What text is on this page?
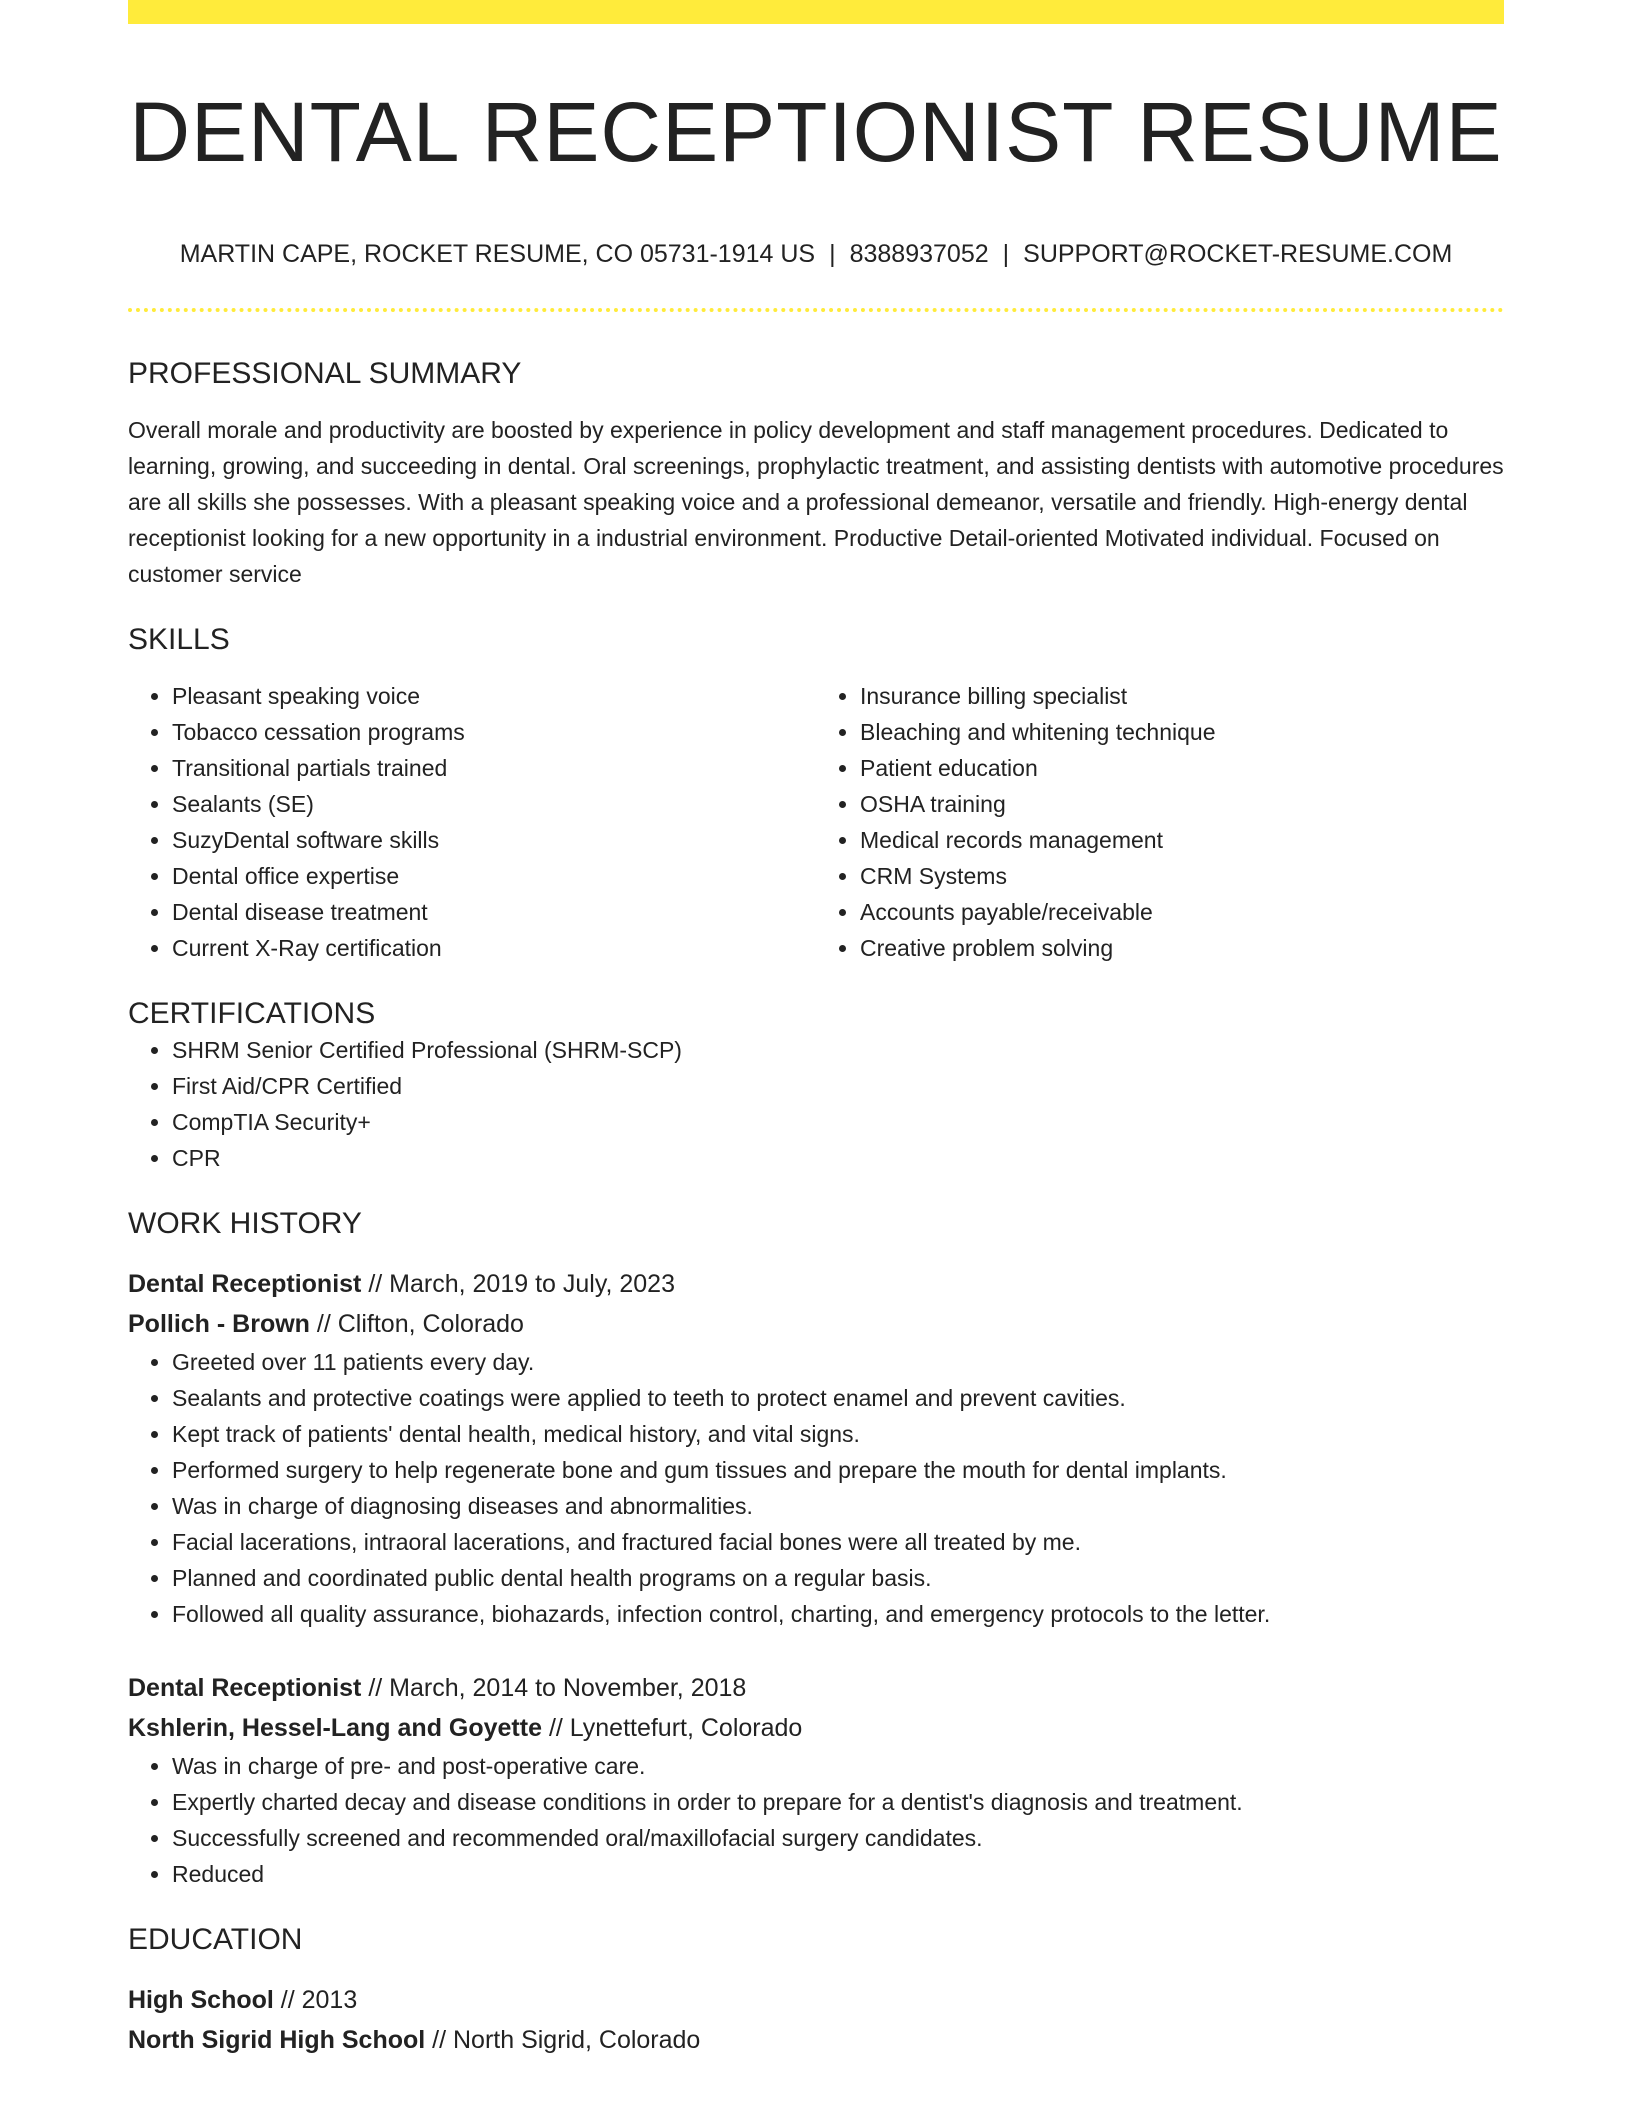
DENTAL RECEPTIONIST RESUME
MARTIN CAPE, ROCKET RESUME, CO 05731-1914 US | 8388937052 | SUPPORT@ROCKET-RESUME.COM
PROFESSIONAL SUMMARY
Overall morale and productivity are boosted by experience in policy development and staff management procedures. Dedicated to learning, growing, and succeeding in dental. Oral screenings, prophylactic treatment, and assisting dentists with automotive procedures are all skills she possesses. With a pleasant speaking voice and a professional demeanor, versatile and friendly. High-energy dental receptionist looking for a new opportunity in a industrial environment. Productive Detail-oriented Motivated individual. Focused on customer service
SKILLS
• Pleasant speaking voice
• Tobacco cessation programs
• Transitional partials trained
• Sealants (SE)
• SuzyDental software skills
• Dental office expertise
• Dental disease treatment
• Current X-Ray certification
• Insurance billing specialist
• Bleaching and whitening technique
• Patient education
• OSHA training
• Medical records management
• CRM Systems
• Accounts payable/receivable
• Creative problem solving
CERTIFICATIONS
• SHRM Senior Certified Professional (SHRM-SCP)
• First Aid/CPR Certified
• CompTIA Security+
• CPR
WORK HISTORY
Dental Receptionist // March, 2019 to July, 2023
Pollich - Brown // Clifton, Colorado
• Greeted over 11 patients every day.
• Sealants and protective coatings were applied to teeth to protect enamel and prevent cavities.
• Kept track of patients' dental health, medical history, and vital signs.
• Performed surgery to help regenerate bone and gum tissues and prepare the mouth for dental implants.
• Was in charge of diagnosing diseases and abnormalities.
• Facial lacerations, intraoral lacerations, and fractured facial bones were all treated by me.
• Planned and coordinated public dental health programs on a regular basis.
• Followed all quality assurance, biohazards, infection control, charting, and emergency protocols to the letter.
Dental Receptionist // March, 2014 to November, 2018
Kshlerin, Hessel-Lang and Goyette // Lynettefurt, Colorado
• Was in charge of pre- and post-operative care.
• Expertly charted decay and disease conditions in order to prepare for a dentist's diagnosis and treatment.
• Successfully screened and recommended oral/maxillofacial surgery candidates.
• Reduced
EDUCATION
High School // 2013
North Sigrid High School // North Sigrid, Colorado
